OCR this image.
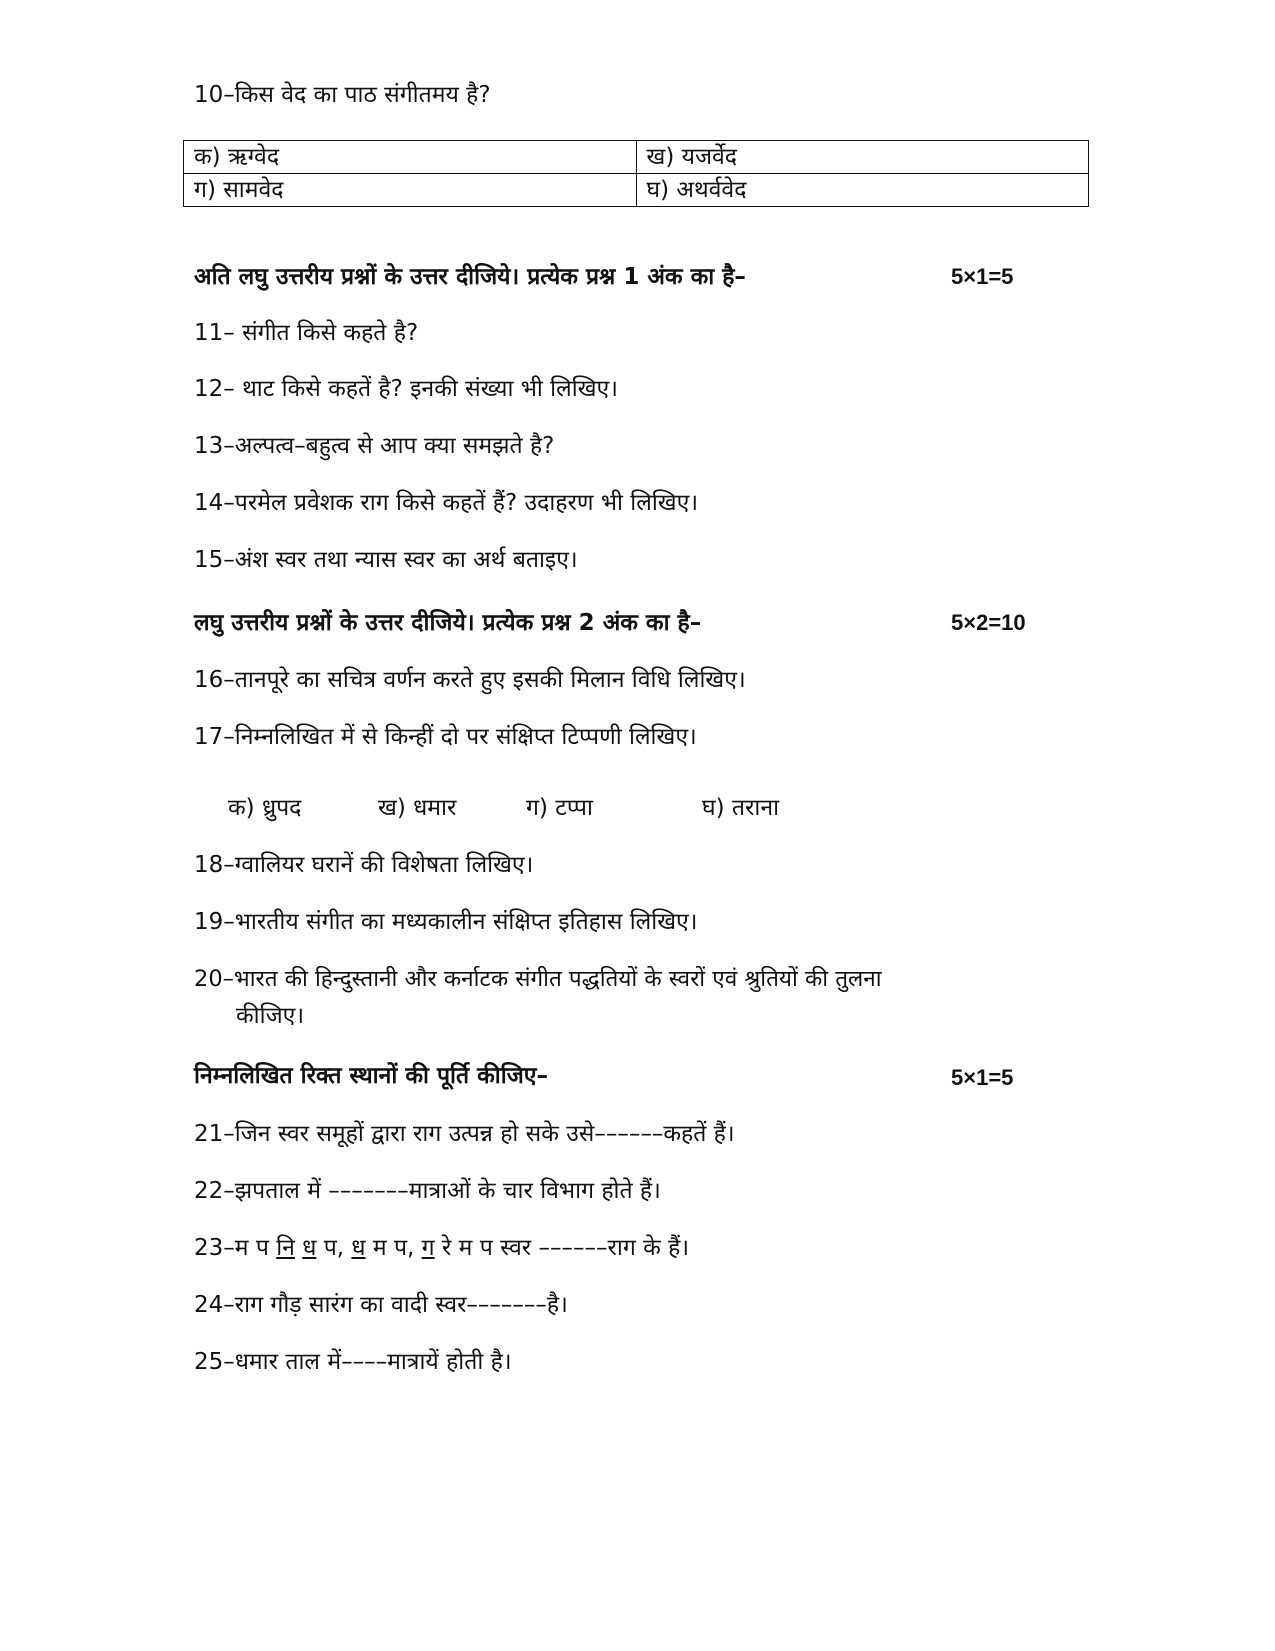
10–किस वेद का पाठ संगीतमय है?
क) ऋग्वेद	ख) यजर्वेद
ग) सामवेद	घ) अथर्ववेद
अति लघु उत्तरीय प्रश्नों के उत्तर दीजिये। प्रत्येक प्रश्न 1 अंक का है–	5×1=5
11– संगीत किसे कहते है?
12– थाट किसे कहतें है? इनकी संख्या भी लिखिए।
13–अल्पत्व–बहुत्व से आप क्या समझते है?
14–परमेल प्रवेशक राग किसे कहतें हैं? उदाहरण भी लिखिए।
15–अंश स्वर तथा न्यास स्वर का अर्थ बताइए।
लघु उत्तरीय प्रश्नों के उत्तर दीजिये। प्रत्येक प्रश्न 2 अंक का है–	5×2=10
16–तानपूरे का सचित्र वर्णन करते हुए इसकी मिलान विधि लिखिए।
17–निम्नलिखित में से किन्हीं दो पर संक्षिप्त टिप्पणी लिखिए।
क) ध्रुपद	ख) धमार	ग) टप्पा	घ) तराना
18–ग्वालियर घरानें की विशेषता लिखिए।
19–भारतीय संगीत का मध्यकालीन संक्षिप्त इतिहास लिखिए।
20–भारत की हिन्दुस्तानी और कर्नाटक संगीत पद्धतियों के स्वरों एवं श्रुतियों की तुलना
कीजिए।
निम्नलिखित रिक्त स्थानों की पूर्ति कीजिए–	5×1=5
21–जिन स्वर समूहों द्वारा राग उत्पन्न हो सके उसे––––––कहतें हैं।
22–झपताल में –––––––मात्राओं के चार विभाग होते हैं।
23–म प नि ध प, ध म प, ग रे म प स्वर ––––––राग के हैं।
24–राग गौड़ सारंग का वादी स्वर–––––––है।
25–धमार ताल में––––मात्रायें होती है।
